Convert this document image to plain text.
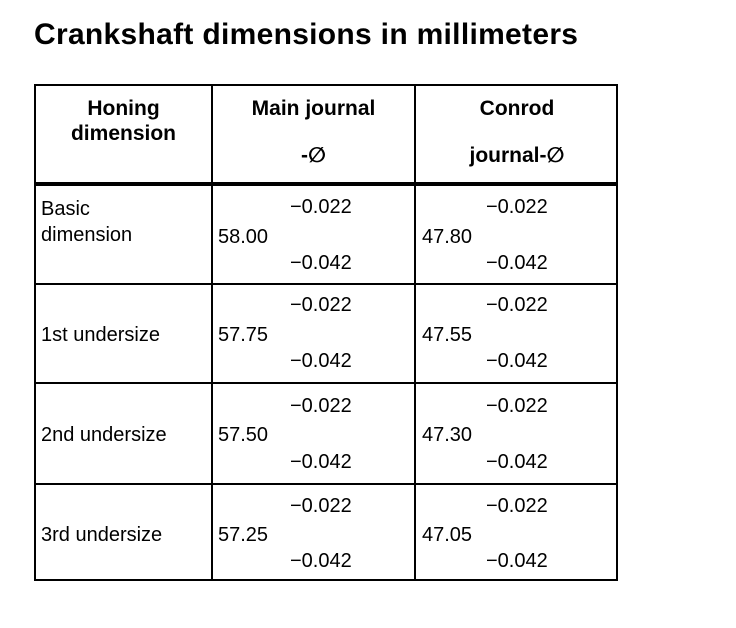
Crankshaft dimensions in millimeters
Honing
dimension
Main journal
-∅
Conrod
journal-∅
Basic
dimension
−0.022
58.00
−0.042
−0.022
47.80
−0.042
1st undersize
−0.022
57.75
−0.042
−0.022
47.55
−0.042
2nd undersize
−0.022
57.50
−0.042
−0.022
47.30
−0.042
3rd undersize
−0.022
57.25
−0.042
−0.022
47.05
−0.042
